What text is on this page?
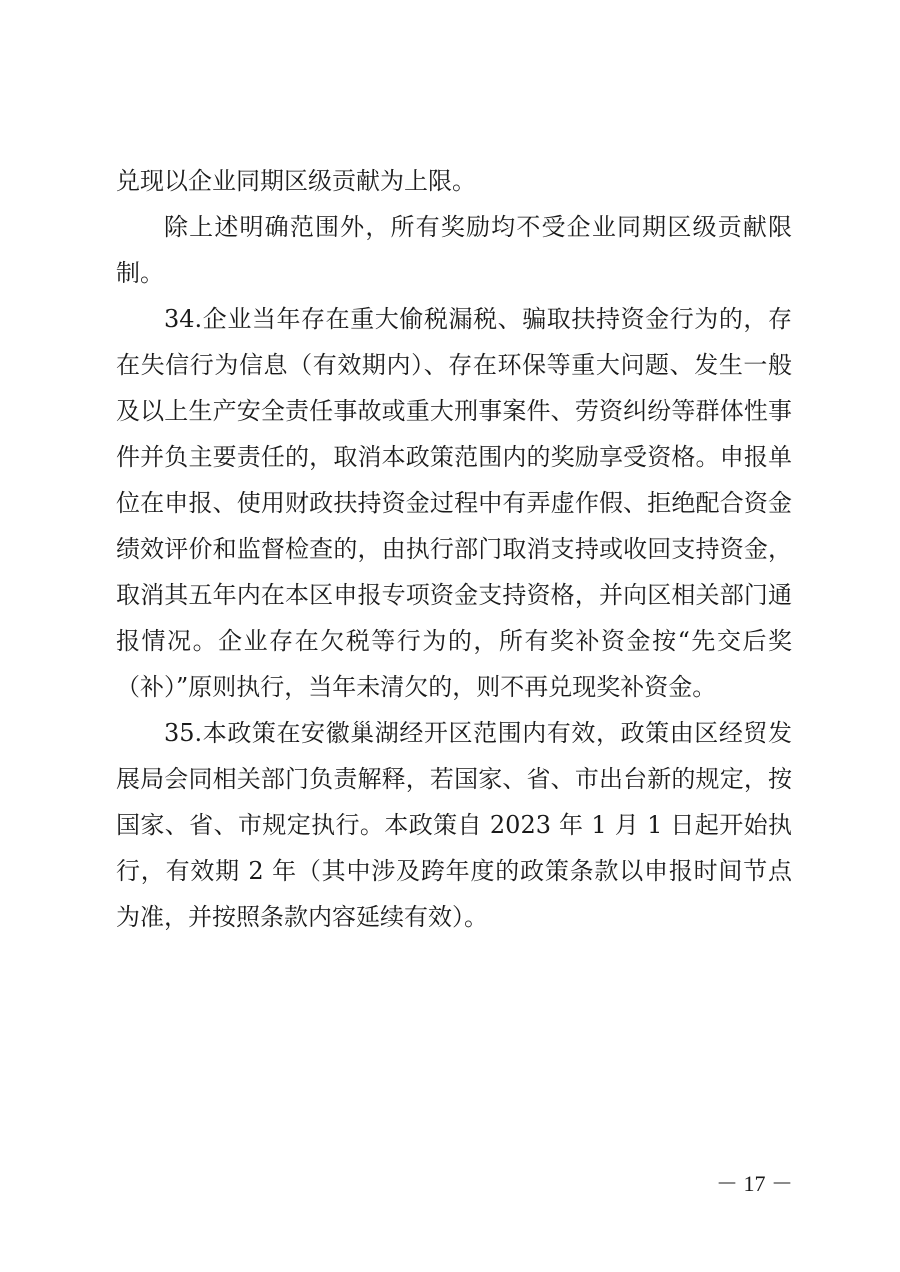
兑现以企业同期区级贡献为上限。

除上述明确范围外，所有奖励均不受企业同期区级贡献限制。

34.企业当年存在重大偷税漏税、骗取扶持资金行为的，存在失信行为信息（有效期内）、存在环保等重大问题、发生一般及以上生产安全责任事故或重大刑事案件、劳资纠纷等群体性事件并负主要责任的，取消本政策范围内的奖励享受资格。申报单位在申报、使用财政扶持资金过程中有弄虚作假、拒绝配合资金绩效评价和监督检查的，由执行部门取消支持或收回支持资金，取消其五年内在本区申报专项资金支持资格，并向区相关部门通报情况。企业存在欠税等行为的，所有奖补资金按“先交后奖（补）”原则执行，当年未清欠的，则不再兑现奖补资金。

35.本政策在安徽巢湖经开区范围内有效，政策由区经贸发展局会同相关部门负责解释，若国家、省、市出台新的规定，按国家、省、市规定执行。本政策自 2023 年 1 月 1 日起开始执行，有效期 2 年（其中涉及跨年度的政策条款以申报时间节点为准，并按照条款内容延续有效）。

－ 17 －
